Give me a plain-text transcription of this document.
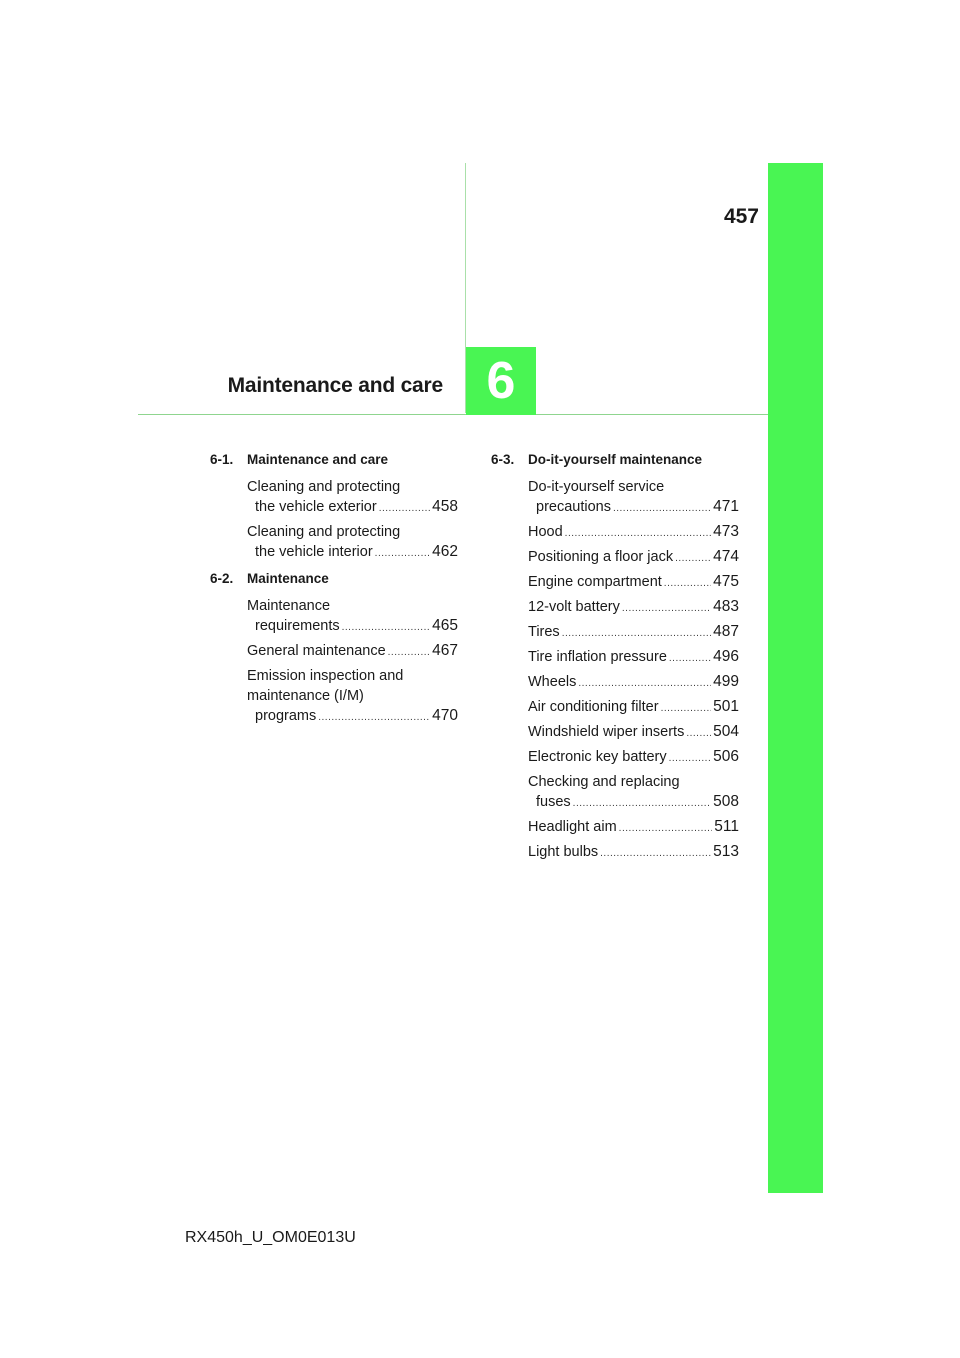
6
457
Maintenance and care
6-1.	Maintenance and care
Cleaning and protecting
the vehicle exterior .....	458
Cleaning and protecting
the vehicle interior .....	462
6-2.	Maintenance
Maintenance
requirements .....	465
General maintenance .....	467
Emission inspection and
maintenance (I/M)
programs .....	470
6-3.	Do-it-yourself maintenance
Do-it-yourself service
precautions .....	471
Hood .....	473
Positioning a floor jack .....	474
Engine compartment .....	475
12-volt battery .....	483
Tires .....	487
Tire inflation pressure .....	496
Wheels .....	499
Air conditioning filter .....	501
Windshield wiper inserts ..... 504
Electronic key battery .....	506
Checking and replacing
fuses .....	508
Headlight aim .....	511
Light bulbs .....	513
RX450h_U_OM0E013U
